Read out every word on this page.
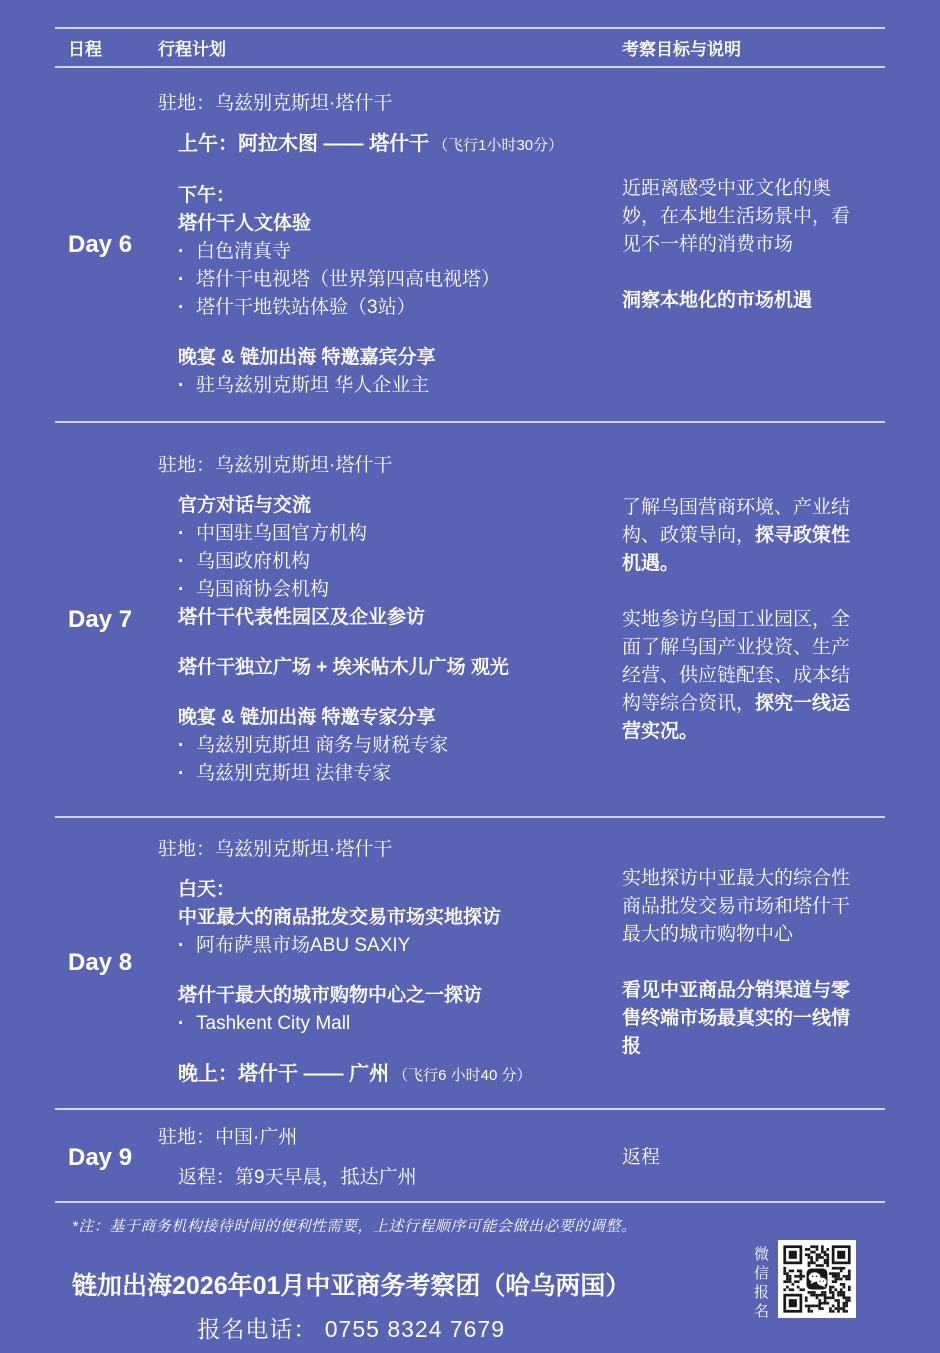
日程	行程计划	考察目标与说明
Day 6
驻地：乌兹别克斯坦·塔什干
上午：阿拉木图 —— 塔什干 （飞行1小时30分）
下午：
塔什干人文体验
· 白色清真寺
· 塔什干电视塔（世界第四高电视塔）
· 塔什干地铁站体验（3站）
晚宴 & 链加出海 特邀嘉宾分享
· 驻乌兹别克斯坦 华人企业主
近距离感受中亚文化的奥妙，在本地生活场景中，看见不一样的消费市场
洞察本地化的市场机遇
Day 7
驻地：乌兹别克斯坦·塔什干
官方对话与交流
· 中国驻乌国官方机构
· 乌国政府机构
· 乌国商协会机构
塔什干代表性园区及企业参访
塔什干独立广场 + 埃米帖木儿广场 观光
晚宴 & 链加出海 特邀专家分享
· 乌兹别克斯坦 商务与财税专家
· 乌兹别克斯坦 法律专家
了解乌国营商环境、产业结构、政策导向，探寻政策性机遇。
实地参访乌国工业园区，全面了解乌国产业投资、生产经营、供应链配套、成本结构等综合资讯，探究一线运营实况。
Day 8
驻地：乌兹别克斯坦·塔什干
白天：
中亚最大的商品批发交易市场实地探访
· 阿布萨黑市场ABU SAXIY
塔什干最大的城市购物中心之一探访
· Tashkent City Mall
晚上：塔什干 —— 广州 （飞行6 小时40 分）
实地探访中亚最大的综合性商品批发交易市场和塔什干最大的城市购物中心
看见中亚商品分销渠道与零售终端市场最真实的一线情报
Day 9
驻地：中国·广州
返程：第9天早晨，抵达广州
返程
*注：基于商务机构接待时间的便利性需要，上述行程顺序可能会做出必要的调整。
链加出海2026年01月中亚商务考察团（哈乌两国）
报名电话： 0755 8324 7679
微信报名
